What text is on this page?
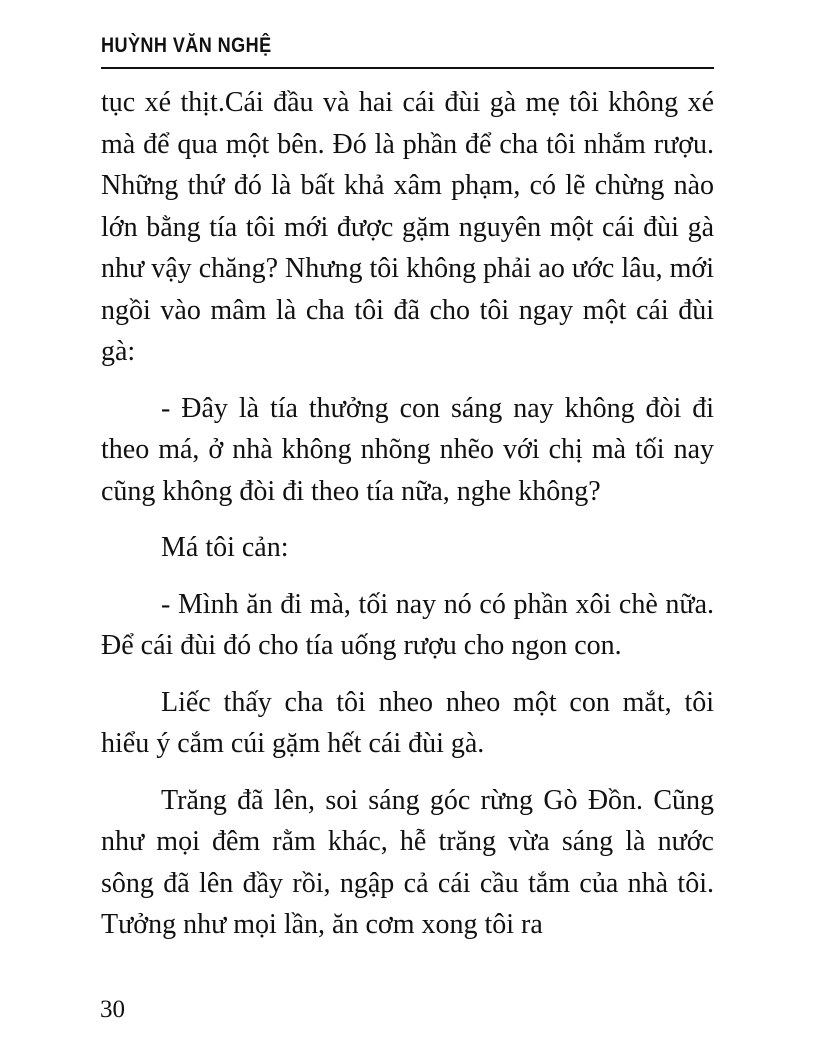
HUỲNH VĂN NGHỆ

tục xé thịt.Cái đầu và hai cái đùi gà mẹ tôi không xé mà để qua một bên. Đó là phần để cha tôi nhắm rượu. Những thứ đó là bất khả xâm phạm, có lẽ chừng nào lớn bằng tía tôi mới được gặm nguyên một cái đùi gà như vậy chăng? Nhưng tôi không phải ao ước lâu, mới ngồi vào mâm là cha tôi đã cho tôi ngay một cái đùi gà:

- Đây là tía thưởng con sáng nay không đòi đi theo má, ở nhà không nhõng nhẽo với chị mà tối nay cũng không đòi đi theo tía nữa, nghe không?

Má tôi cản:

- Mình ăn đi mà, tối nay nó có phần xôi chè nữa. Để cái đùi đó cho tía uống rượu cho ngon con.

Liếc thấy cha tôi nheo nheo một con mắt, tôi hiểu ý cắm cúi gặm hết cái đùi gà.

Trăng đã lên, soi sáng góc rừng Gò Đồn. Cũng như mọi đêm rằm khác, hễ trăng vừa sáng là nước sông đã lên đầy rồi, ngập cả cái cầu tắm của nhà tôi. Tưởng như mọi lần, ăn cơm xong tôi ra

30
